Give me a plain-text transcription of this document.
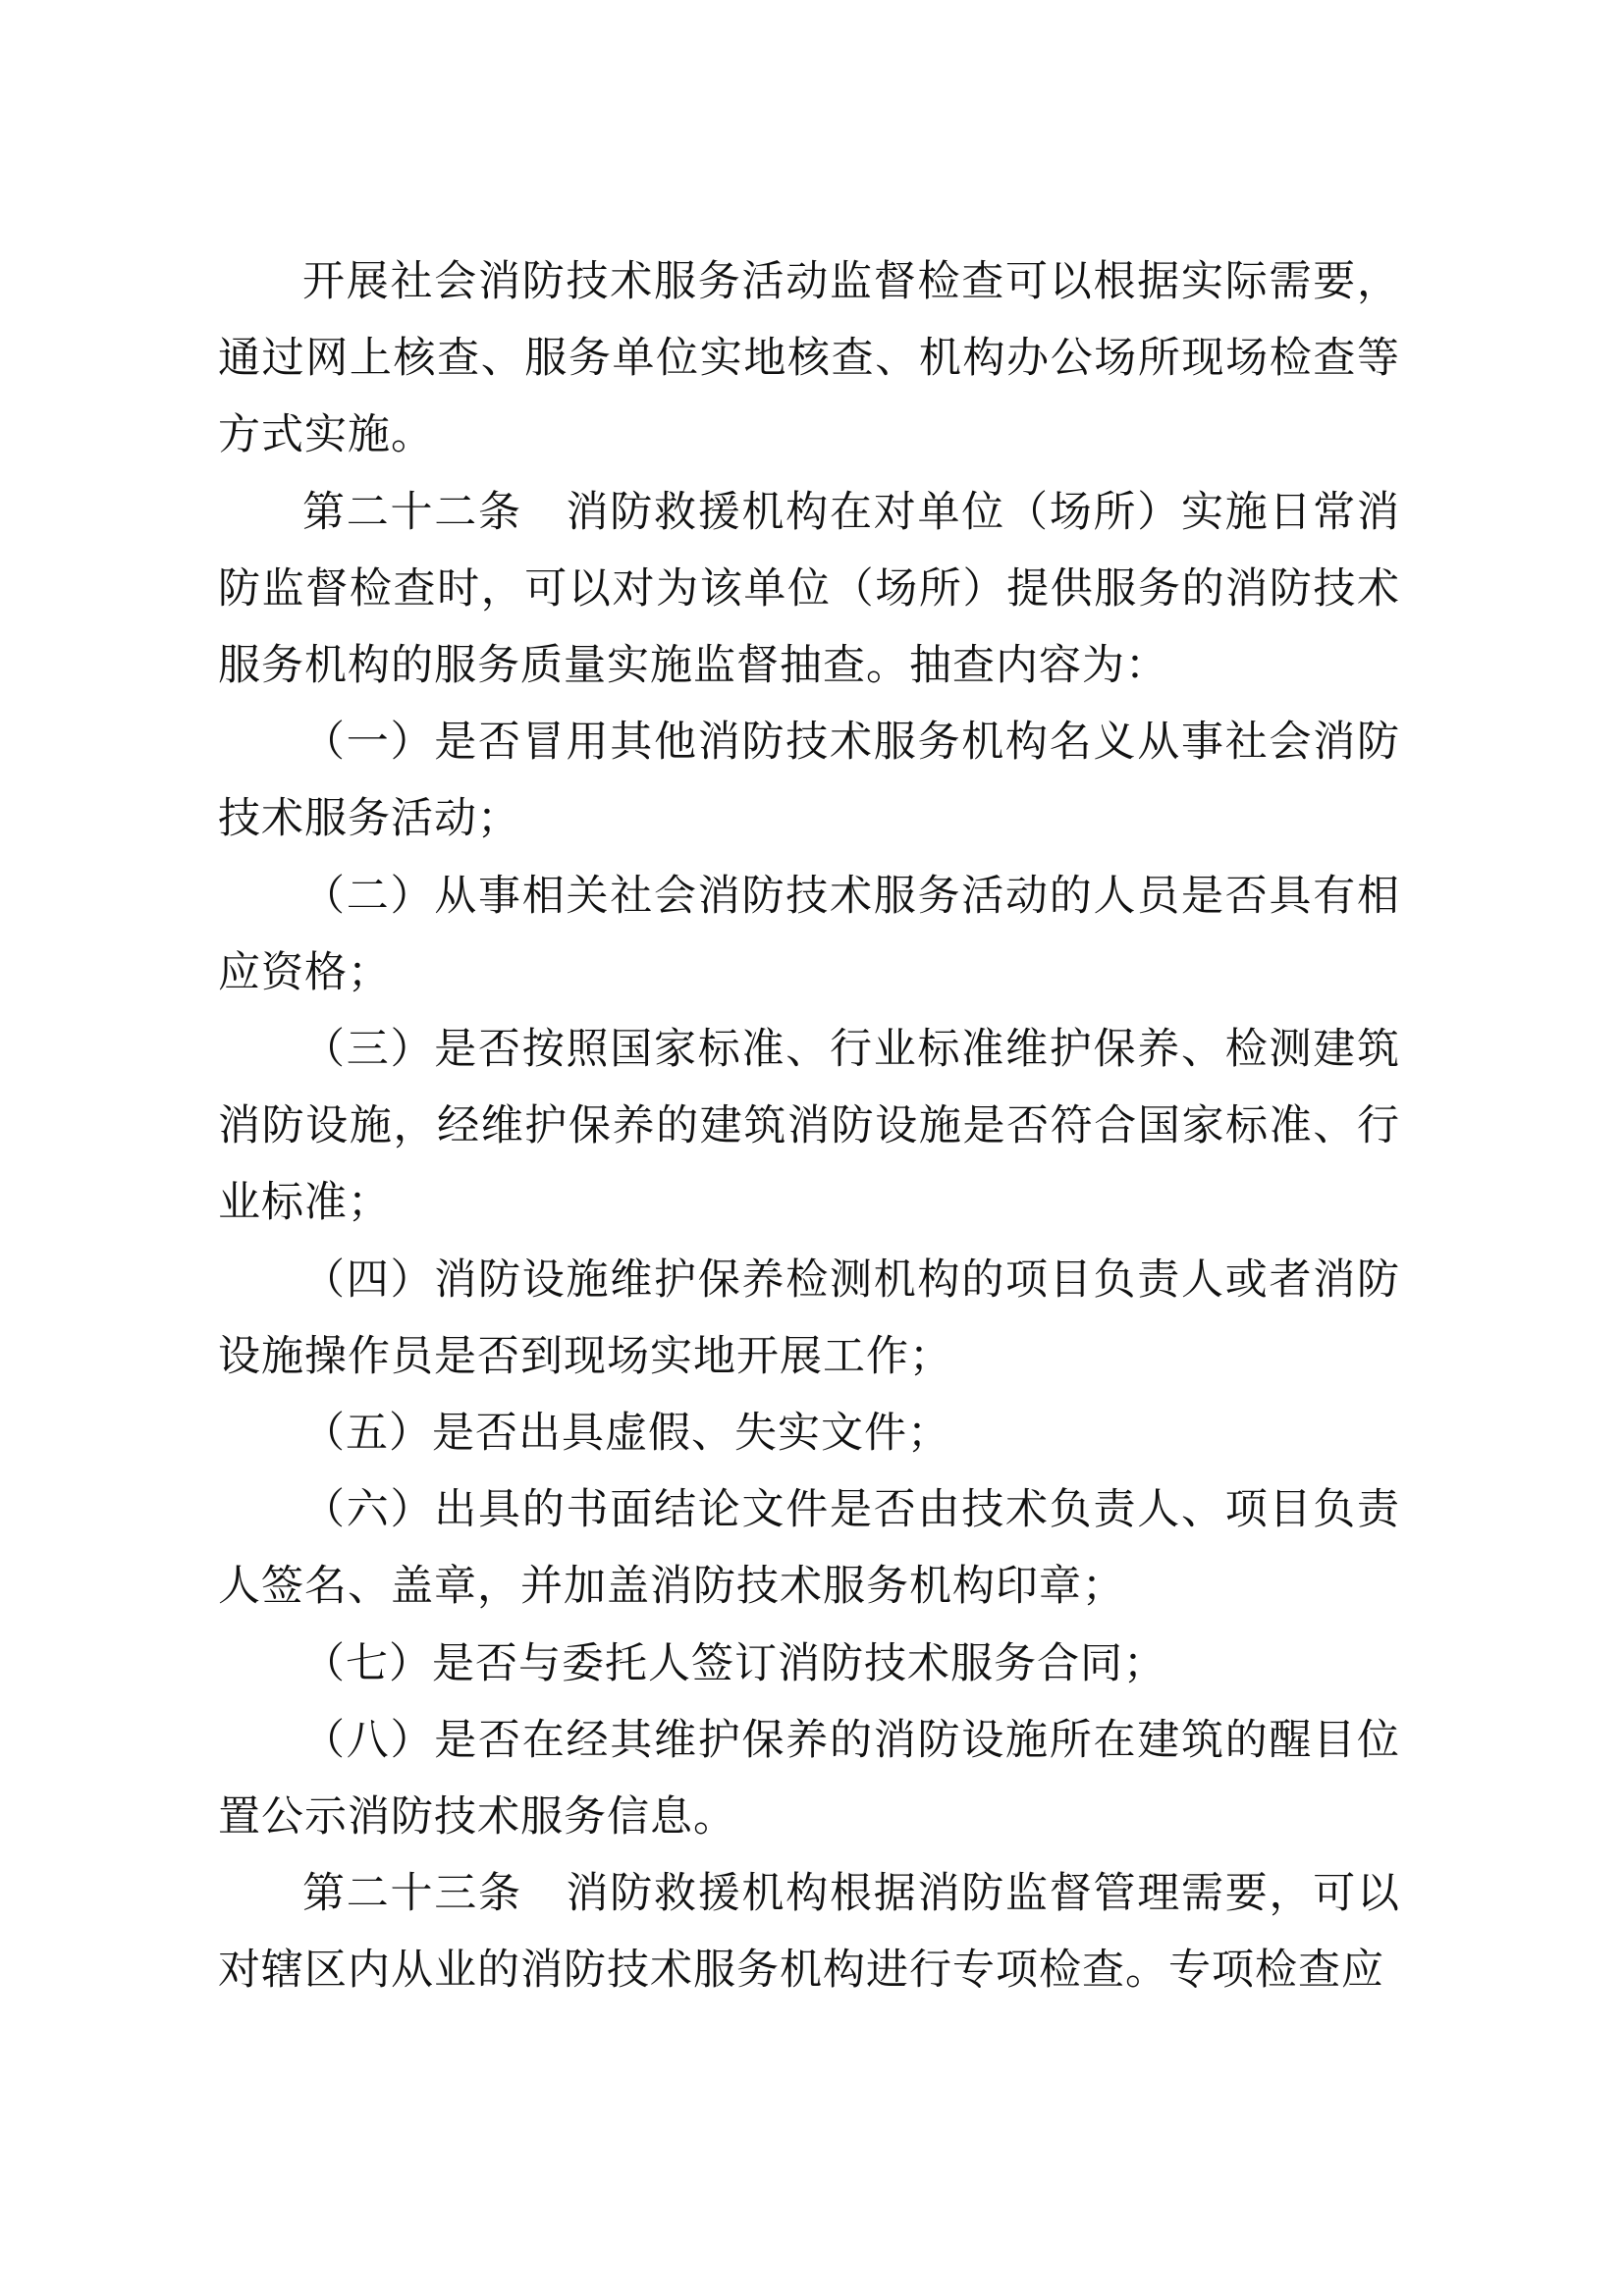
开展社会消防技术服务活动监督检查可以根据实际需要，通过网上核查、服务单位实地核查、机构办公场所现场检查等方式实施。

第二十二条　消防救援机构在对单位（场所）实施日常消防监督检查时，可以对为该单位（场所）提供服务的消防技术服务机构的服务质量实施监督抽查。抽查内容为：

（一）是否冒用其他消防技术服务机构名义从事社会消防技术服务活动；

（二）从事相关社会消防技术服务活动的人员是否具有相应资格；

（三）是否按照国家标准、行业标准维护保养、检测建筑消防设施，经维护保养的建筑消防设施是否符合国家标准、行业标准；

（四）消防设施维护保养检测机构的项目负责人或者消防设施操作员是否到现场实地开展工作；

（五）是否出具虚假、失实文件；

（六）出具的书面结论文件是否由技术负责人、项目负责人签名、盖章，并加盖消防技术服务机构印章；

（七）是否与委托人签订消防技术服务合同；

（八）是否在经其维护保养的消防设施所在建筑的醒目位置公示消防技术服务信息。

第二十三条　消防救援机构根据消防监督管理需要，可以对辖区内从业的消防技术服务机构进行专项检查。专项检查应
